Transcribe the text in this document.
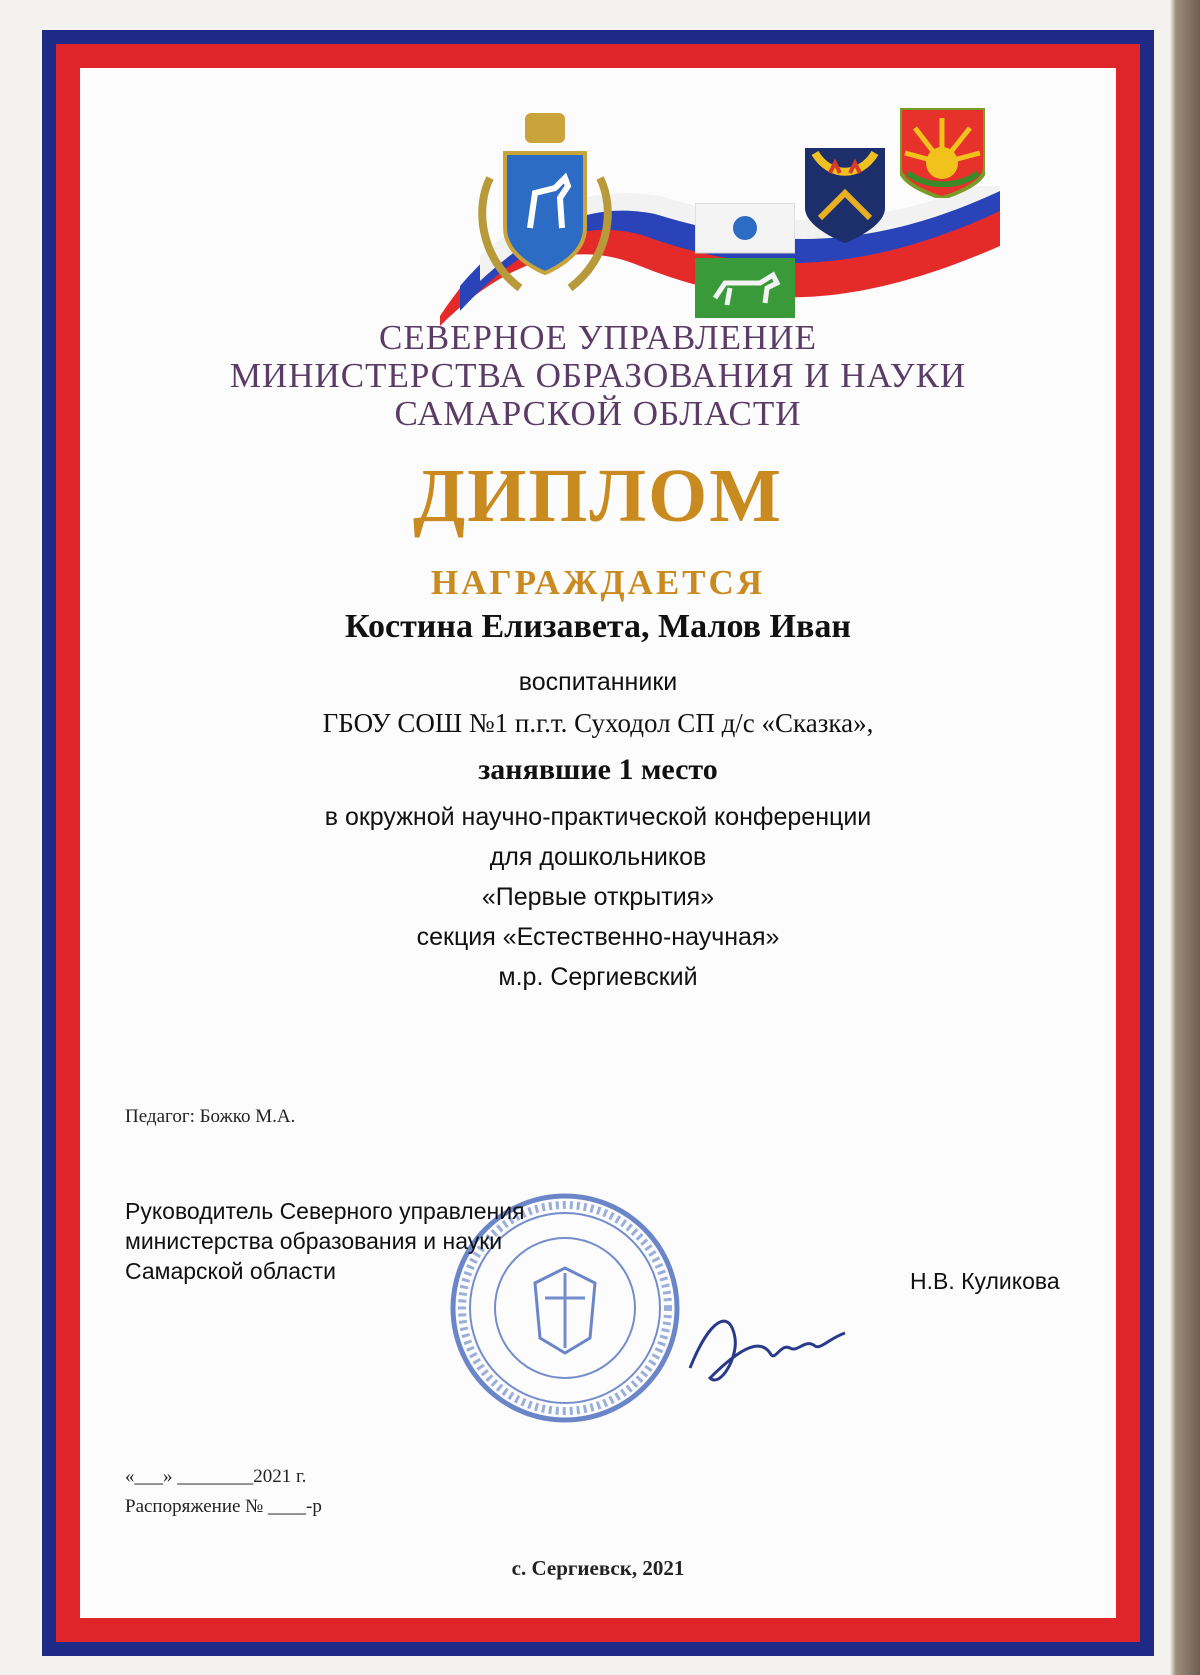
СЕВЕРНОЕ УПРАВЛЕНИЕ
МИНИСТЕРСТВА ОБРАЗОВАНИЯ И НАУКИ
САМАРСКОЙ ОБЛАСТИ
ДИПЛОМ
НАГРАЖДАЕТСЯ
Костина Елизавета, Малов Иван
воспитанники
ГБОУ СОШ №1 п.г.т. Суходол СП д/с «Сказка»,
занявшие 1 место
в окружной научно-практической конференции
для дошкольников
«Первые открытия»
секция «Естественно-научная»
м.р. Сергиевский
Педагог: Божко М.А.
Руководитель Северного управления
министерства образования и науки
Самарской области	Н.В. Куликова
«___» ________2021 г.
Распоряжение № ____-р
с. Сергиевск, 2021
